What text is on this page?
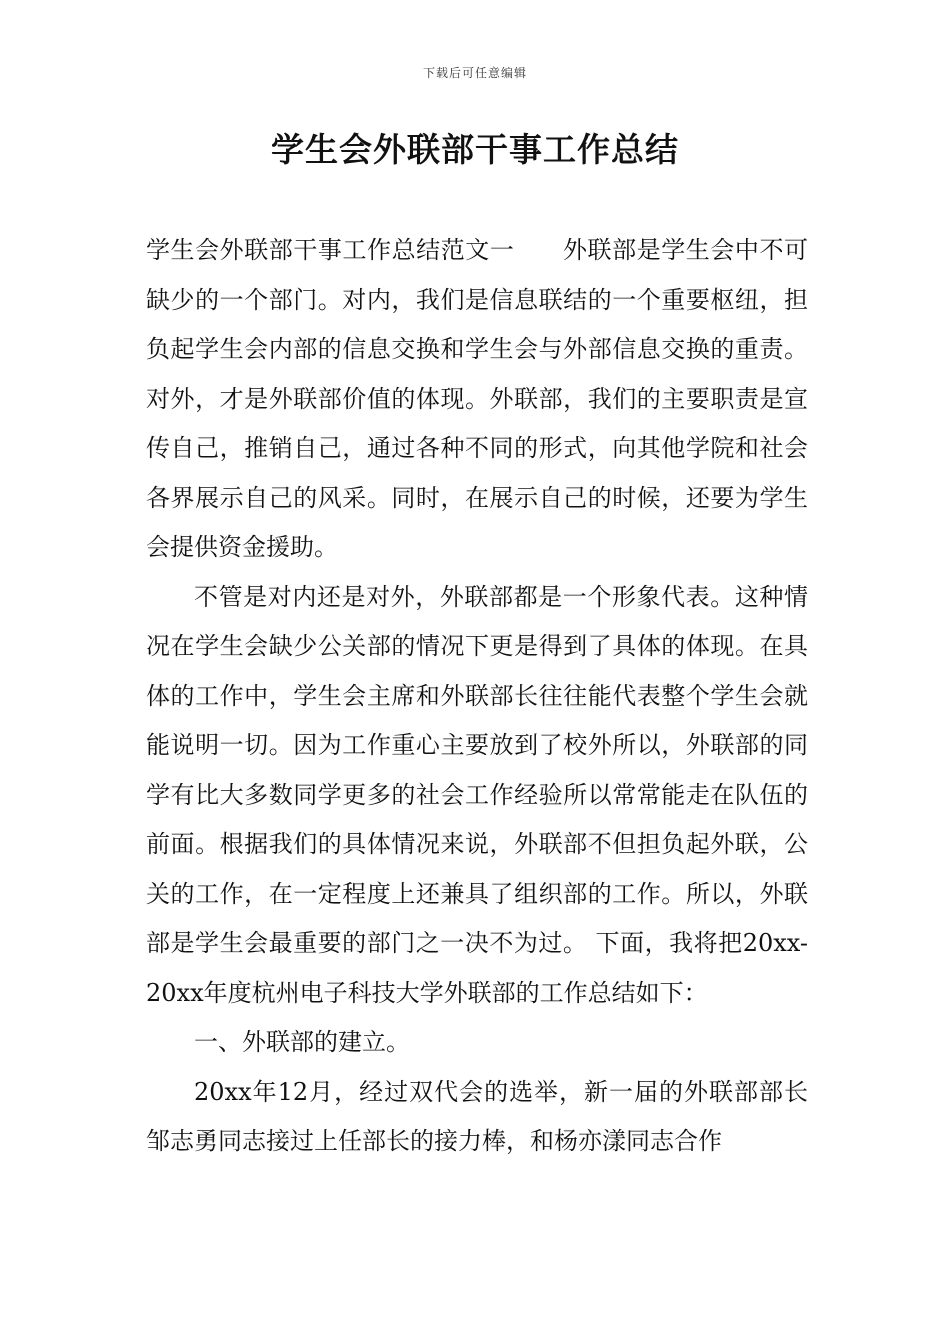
下载后可任意编辑
学生会外联部干事工作总结

学生会外联部干事工作总结范文一 外联部是学生会中不可缺少的一个部门。对内，我们是信息联结的一个重要枢纽，担负起学生会内部的信息交换和学生会与外部信息交换的重责。对外，才是外联部价值的体现。外联部，我们的主要职责是宣传自己，推销自己，通过各种不同的形式，向其他学院和社会各界展示自己的风采。同时，在展示自己的时候，还要为学生会提供资金援助。

不管是对内还是对外，外联部都是一个形象代表。这种情况在学生会缺少公关部的情况下更是得到了具体的体现。在具体的工作中，学生会主席和外联部长往往能代表整个学生会就能说明一切。因为工作重心主要放到了校外所以，外联部的同学有比大多数同学更多的社会工作经验所以常常能走在队伍的前面。根据我们的具体情况来说，外联部不但担负起外联，公关的工作，在一定程度上还兼具了组织部的工作。所以，外联部是学生会最重要的部门之一决不为过。 下面，我将把20xx-20xx年度杭州电子科技大学外联部的工作总结如下：

一、外联部的建立。

20xx年12月，经过双代会的选举，新一届的外联部部长邹志勇同志接过上任部长的接力棒，和杨亦漾同志合作
